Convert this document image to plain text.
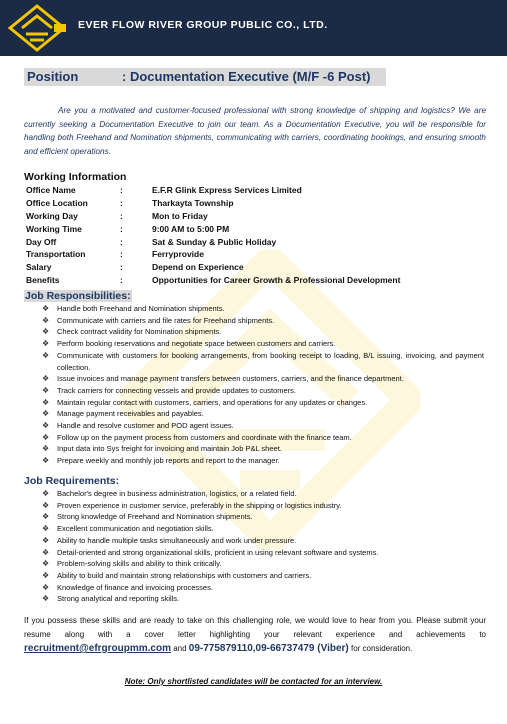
EVER FLOW RIVER GROUP PUBLIC CO., LTD.
Position	: Documentation Executive (M/F -6 Post)

Are you a motivated and customer-focused professional with strong knowledge of shipping and logistics? We are currently seeking a Documentation Executive to join our team. As a Documentation Executive, you will be responsible for handling both Freehand and Nomination shipments, communicating with carriers, coordinating bookings, and ensuring smooth and efficient operations.

Working Information
Office Name	:	E.F.R Glink Express Services Limited
Office Location	:	Tharkayta Township
Working Day	:	Mon to Friday
Working Time	:	9:00 AM to 5:00 PM
Day Off	:	Sat & Sunday & Public Holiday
Transportation	:	Ferryprovide
Salary	:	Depend on Experience
Benefits	:	Opportunities for Career Growth & Professional Development
Job Responsibilities:
❖ Handle both Freehand and Nomination shipments.
❖ Communicate with carriers and file rates for Freehand shipments.
❖ Check contract validity for Nomination shipments.
❖ Perform booking reservations and negotiate space between customers and carriers.
❖ Communicate with customers for booking arrangements, from booking receipt to loading, B/L issuing, invoicing, and payment collection.
❖ Issue invoices and manage payment transfers between customers, carriers, and the finance department.
❖ Track carriers for connecting vessels and provide updates to customers.
❖ Maintain regular contact with customers, carriers, and operations for any updates or changes.
❖ Manage payment receivables and payables.
❖ Handle and resolve customer and POD agent issues.
❖ Follow up on the payment process from customers and coordinate with the finance team.
❖ Input data into Sys freight for invoicing and maintain Job P&L sheet.
❖ Prepare weekly and monthly job reports and report to the manager.
Job Requirements:
❖ Bachelor's degree in business administration, logistics, or a related field.
❖ Proven experience in customer service, preferably in the shipping or logistics industry.
❖ Strong knowledge of Freehand and Nomination shipments.
❖ Excellent communication and negotiation skills.
❖ Ability to handle multiple tasks simultaneously and work under pressure.
❖ Detail-oriented and strong organizational skills, proficient in using relevant software and systems.
❖ Problem-solving skills and ability to think critically.
❖ Ability to build and maintain strong relationships with customers and carriers.
❖ Knowledge of finance and invoicing processes.
❖ Strong analytical and reporting skills.

If you possess these skills and are ready to take on this challenging role, we would love to hear from you. Please submit your resume along with a cover letter highlighting your relevant experience and achievements to recruitment@efrgroupmm.com and 09-775879110,09-66737479 (Viber) for consideration.

Note: Only shortlisted candidates will be contacted for an interview.
